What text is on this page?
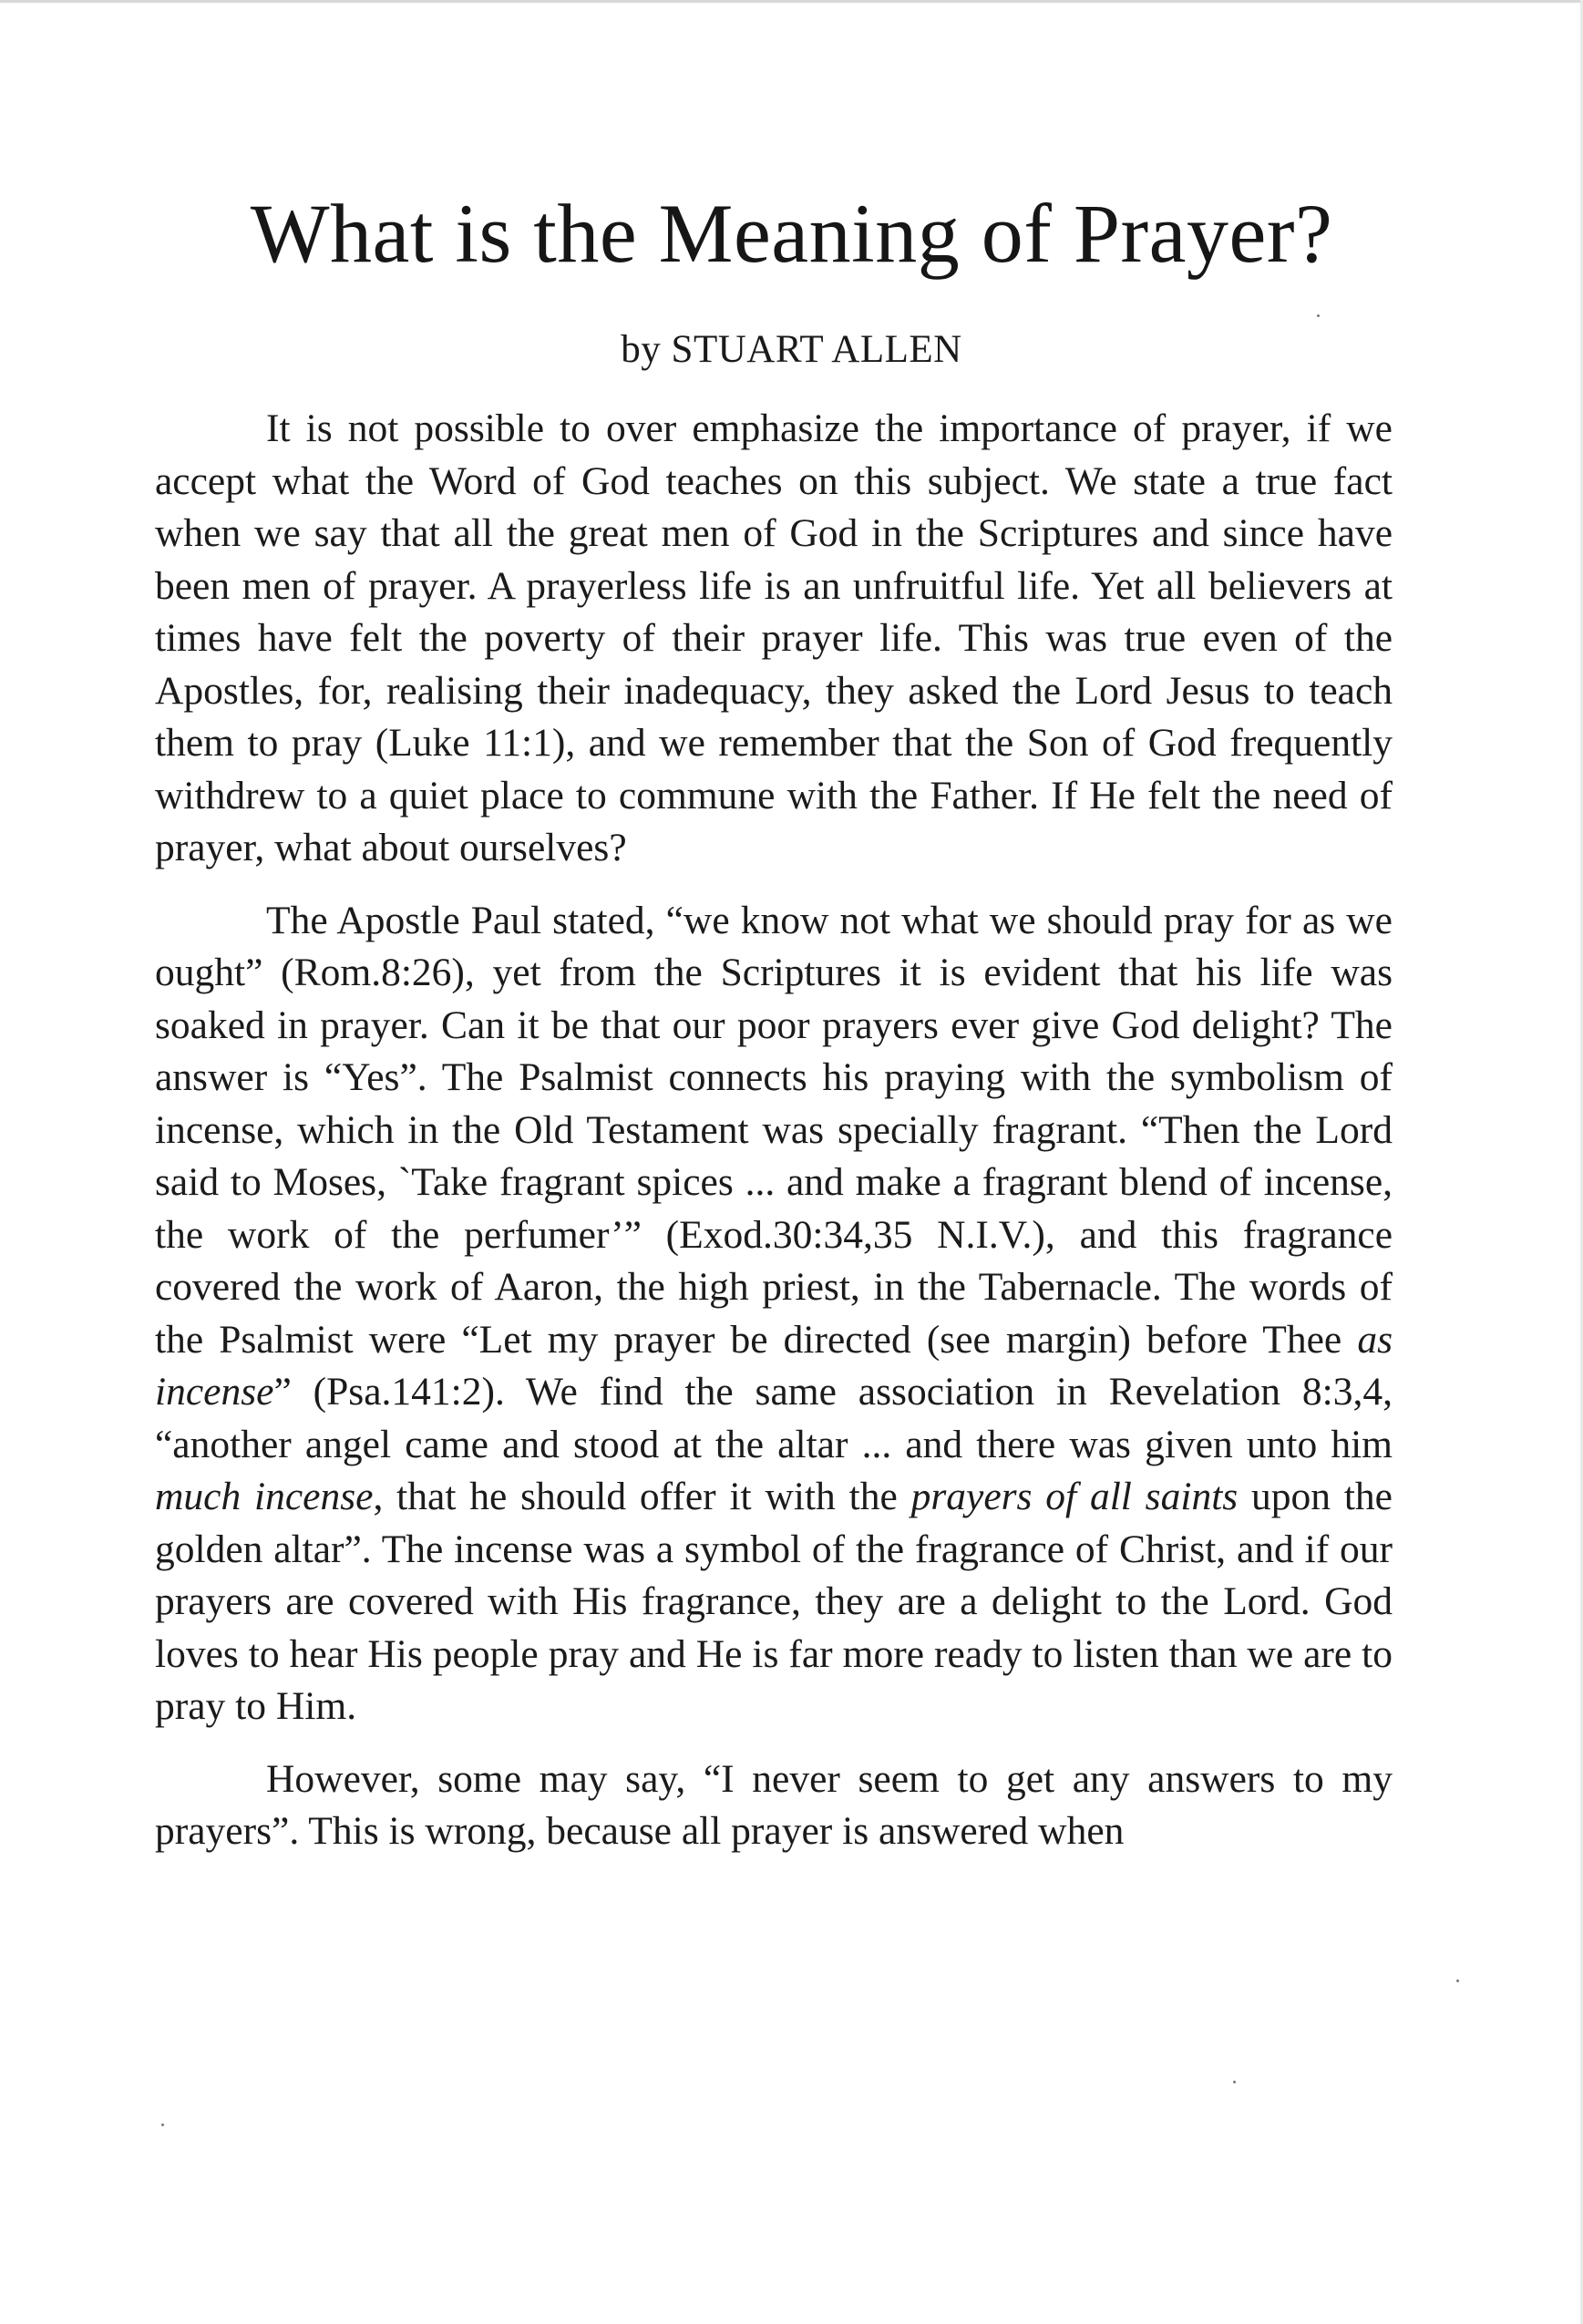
What is the Meaning of Prayer?

by STUART ALLEN

It is not possible to over emphasize the importance of prayer, if we accept what the Word of God teaches on this subject. We state a true fact when we say that all the great men of God in the Scriptures and since have been men of prayer. A prayerless life is an unfruitful life. Yet all believers at times have felt the poverty of their prayer life. This was true even of the Apostles, for, realising their inadequacy, they asked the Lord Jesus to teach them to pray (Luke 11:1), and we remember that the Son of God frequently withdrew to a quiet place to commune with the Father. If He felt the need of prayer, what about ourselves?

The Apostle Paul stated, “we know not what we should pray for as we ought” (Rom.8:26), yet from the Scriptures it is evident that his life was soaked in prayer. Can it be that our poor prayers ever give God delight? The answer is “Yes”. The Psalmist connects his praying with the symbolism of incense, which in the Old Testament was specially fragrant. “Then the Lord said to Moses, `Take fragrant spices ... and make a fragrant blend of incense, the work of the perfumer’” (Exod.30:34,35 N.I.V.), and this fragrance covered the work of Aaron, the high priest, in the Tabernacle. The words of the Psalmist were “Let my prayer be directed (see margin) before Thee as incense” (Psa.141:2). We find the same association in Revelation 8:3,4, “another angel came and stood at the altar ... and there was given unto him much incense, that he should offer it with the prayers of all saints upon the golden altar”. The incense was a symbol of the fragrance of Christ, and if our prayers are covered with His fragrance, they are a delight to the Lord. God loves to hear His people pray and He is far more ready to listen than we are to pray to Him.

However, some may say, “I never seem to get any answers to my prayers”. This is wrong, because all prayer is answered when
